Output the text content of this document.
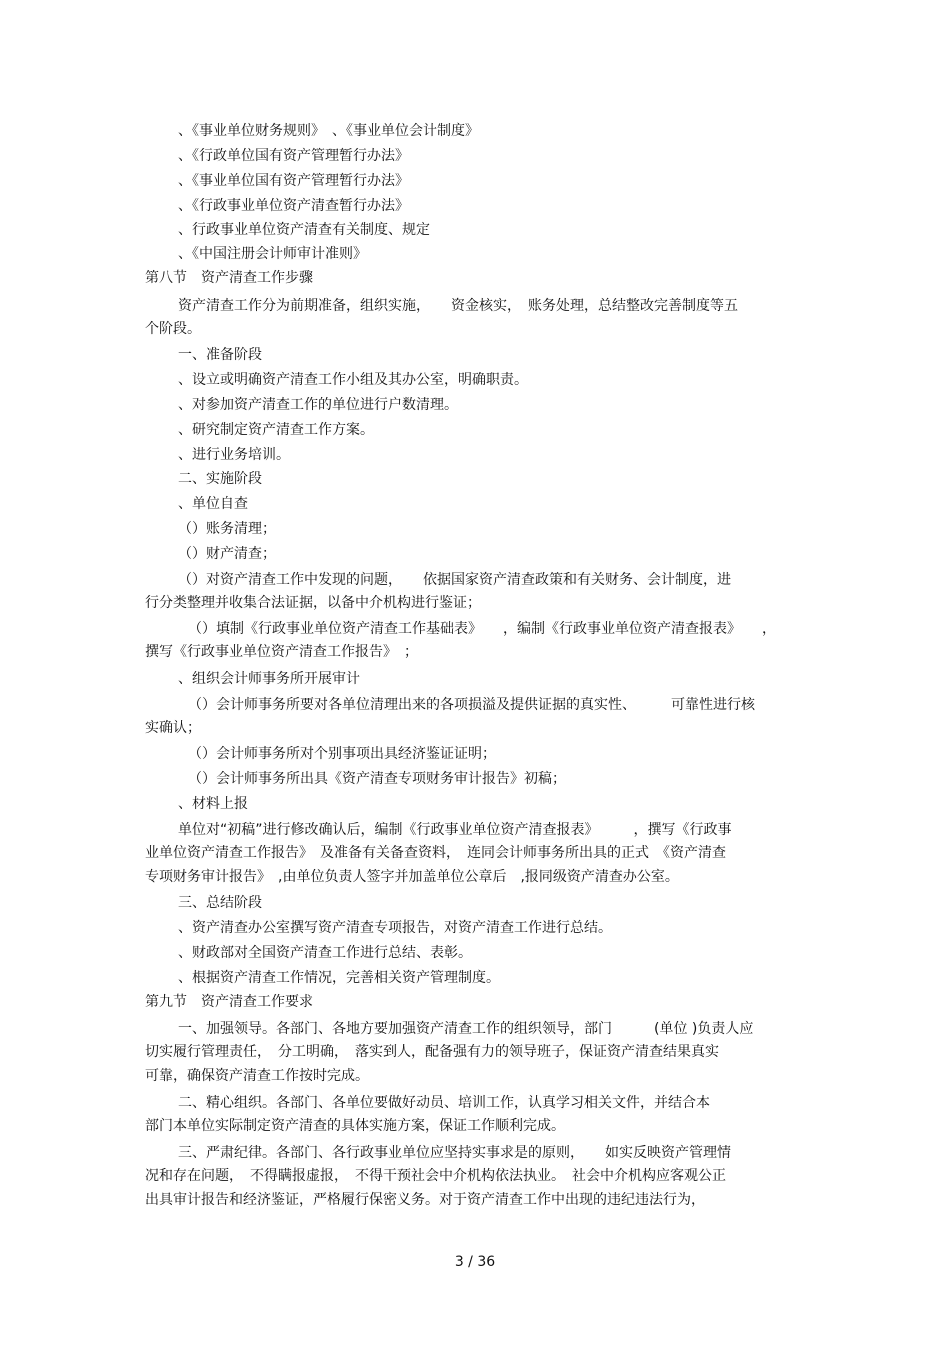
、《事业单位财务规则》　、《事业单位会计制度》
、《行政单位国有资产管理暂行办法》
、《事业单位国有资产管理暂行办法》
、《行政事业单位资产清查暂行办法》
、行政事业单位资产清查有关制度、规定
、《中国注册会计师审计准则》
第八节　资产清查工作步骤
资产清查工作分为前期准备，组织实施，　　资金核实，　账务处理，总结整改完善制度等五
个阶段。
一、准备阶段
、设立或明确资产清查工作小组及其办公室，明确职责。
、对参加资产清查工作的单位进行户数清理。
、研究制定资产清查工作方案。
、进行业务培训。
二、实施阶段
、单位自查
（）账务清理；
（）财产清查；
（）对资产清查工作中发现的问题，　　依据国家资产清查政策和有关财务、会计制度，进
行分类整理并收集合法证据，以备中介机构进行鉴证；
（）填制《行政事业单位资产清查工作基础表》　　，编制《行政事业单位资产清查报表》　　，
撰写《行政事业单位资产清查工作报告》　；
、组织会计师事务所开展审计
（）会计师事务所要对各单位清理出来的各项损溢及提供证据的真实性、　　　可靠性进行核
实确认；
（）会计师事务所对个别事项出具经济鉴证证明；
（）会计师事务所出具《资产清查专项财务审计报告》初稿；
、材料上报
单位对“初稿”进行修改确认后，编制《行政事业单位资产清查报表》　　　，撰写《行政事
业单位资产清查工作报告》　及准备有关备查资料，　连同会计师事务所出具的正式　《资产清查
专项财务审计报告》　,由单位负责人签字并加盖单位公章后　,报同级资产清查办公室。
三、总结阶段
、资产清查办公室撰写资产清查专项报告，对资产清查工作进行总结。
、财政部对全国资产清查工作进行总结、表彰。
、根据资产清查工作情况，完善相关资产管理制度。
第九节　资产清查工作要求
一、加强领导。各部门、各地方要加强资产清查工作的组织领导，部门　　　(单位 )负责人应
切实履行管理责任，　分工明确，　落实到人，配备强有力的领导班子，保证资产清查结果真实
可靠，确保资产清查工作按时完成。
二、精心组织。各部门、各单位要做好动员、培训工作，认真学习相关文件，并结合本
部门本单位实际制定资产清查的具体实施方案，保证工作顺利完成。
三、严肃纪律。各部门、各行政事业单位应坚持实事求是的原则，　　如实反映资产管理情
况和存在问题，　不得瞒报虚报，　不得干预社会中介机构依法执业。　社会中介机构应客观公正
出具审计报告和经济鉴证，严格履行保密义务。对于资产清查工作中出现的违纪违法行为，
3 / 36
